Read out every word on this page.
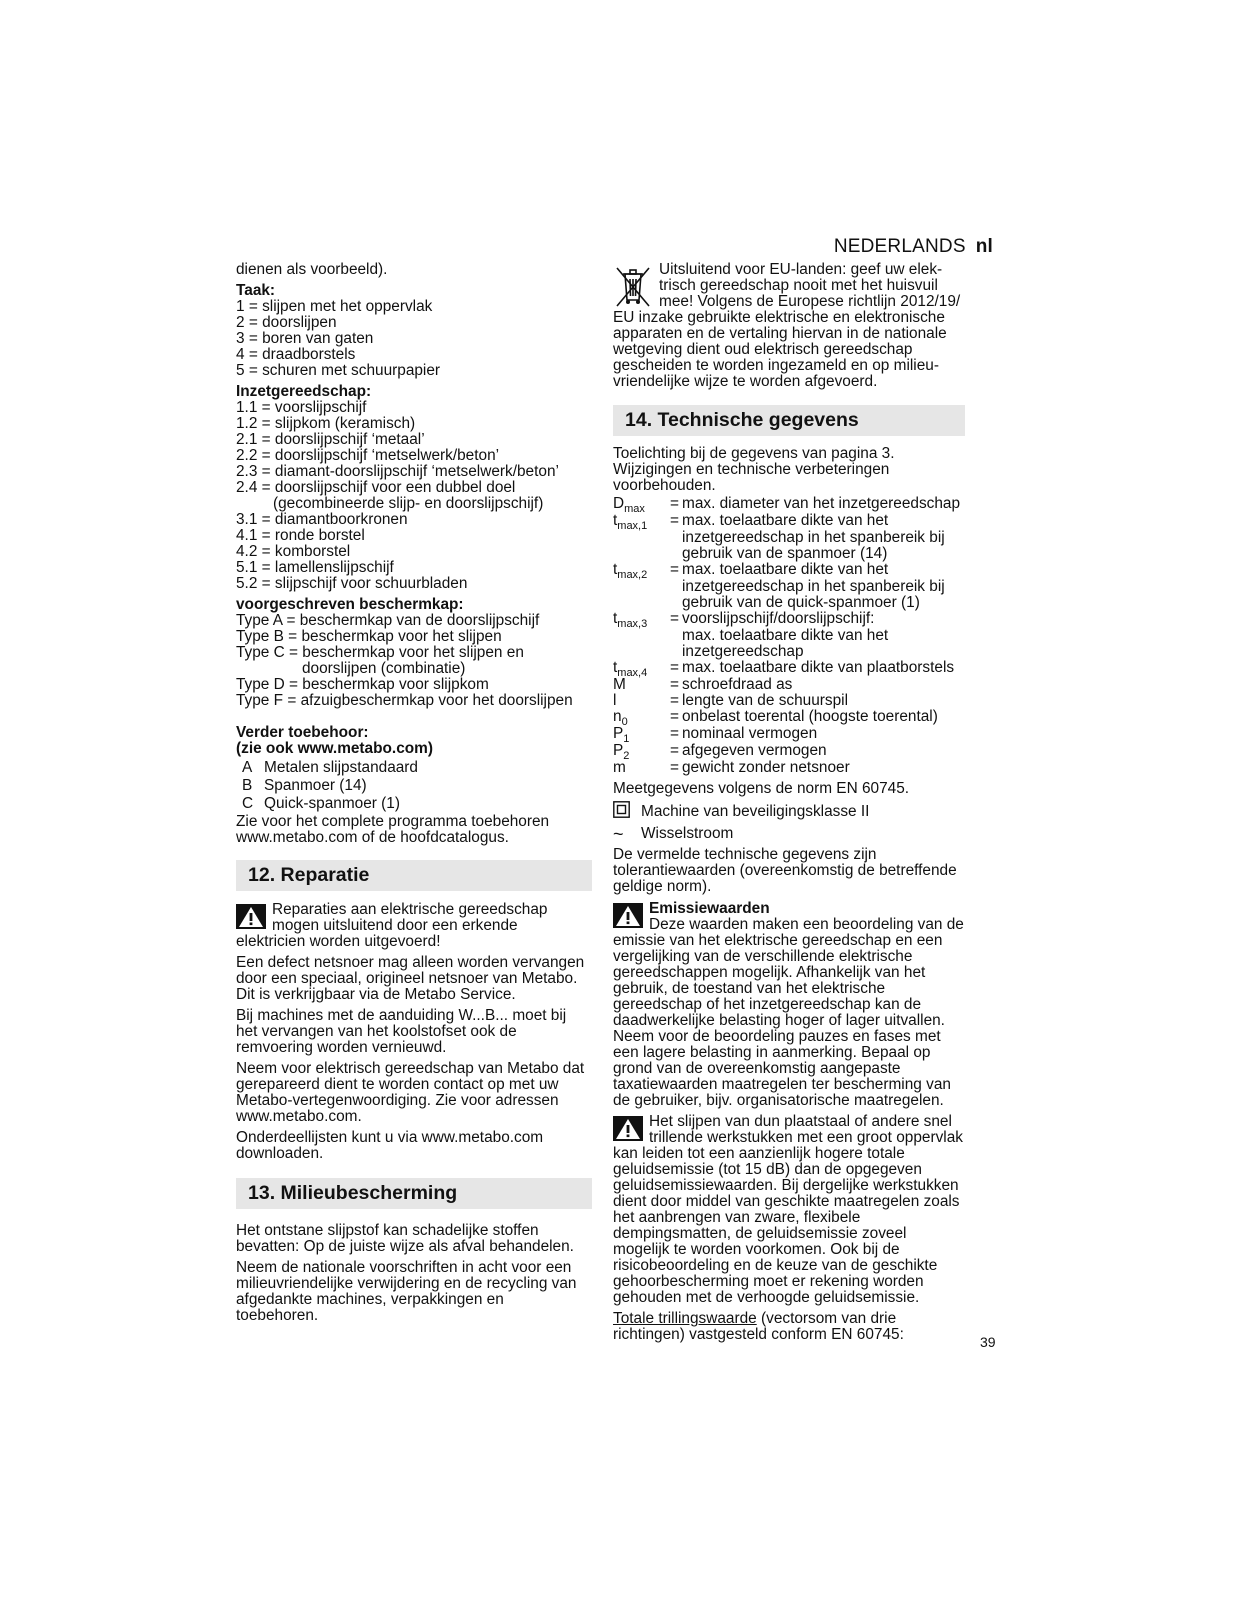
NEDERLANDS nl
dienen als voorbeeld).
Taak:
1 = slijpen met het oppervlak
2 = doorslijpen
3 = boren van gaten
4 = draadborstels
5 = schuren met schuurpapier
Inzetgereedschap:
1.1 = voorslijpschijf
1.2 = slijpkom (keramisch)
2.1 = doorslijpschijf ‘metaal’
2.2 = doorslijpschijf ‘metselwerk/beton’
2.3 = diamant-doorslijpschijf ‘metselwerk/beton’
2.4 = doorslijpschijf voor een dubbel doel
(gecombineerde slijp- en doorslijpschijf)
3.1 = diamantboorkronen
4.1 = ronde borstel
4.2 = komborstel
5.1 = lamellenslijpschijf
5.2 = slijpschijf voor schuurbladen
voorgeschreven beschermkap:
Type A = beschermkap van de doorslijpschijf
Type B = beschermkap voor het slijpen
Type C = beschermkap voor het slijpen en
doorslijpen (combinatie)
Type D = beschermkap voor slijpkom
Type F = afzuigbeschermkap voor het doorslijpen
Verder toebehoor:
(zie ook www.metabo.com)
A Metalen slijpstandaard
B Spanmoer (14)
C Quick-spanmoer (1)
Zie voor het complete programma toebehoren
www.metabo.com of de hoofdcatalogus.
12. Reparatie
Reparaties aan elektrische gereedschap
mogen uitsluitend door een erkende
elektricien worden uitgevoerd!
Een defect netsnoer mag alleen worden vervangen
door een speciaal, origineel netsnoer van Metabo.
Dit is verkrijgbaar via de Metabo Service.
Bij machines met de aanduiding W...B... moet bij
het vervangen van het koolstofset ook de
remvoering worden vernieuwd.
Neem voor elektrisch gereedschap van Metabo dat
gerepareerd dient te worden contact op met uw
Metabo-vertegenwoordiging. Zie voor adressen
www.metabo.com.
Onderdeellijsten kunt u via www.metabo.com
downloaden.
13. Milieubescherming
Het ontstane slijpstof kan schadelijke stoffen
bevatten: Op de juiste wijze als afval behandelen.
Neem de nationale voorschriften in acht voor een
milieuvriendelijke verwijdering en de recycling van
afgedankte machines, verpakkingen en
toebehoren.
Uitsluitend voor EU-landen: geef uw elek-
trisch gereedschap nooit met het huisvuil
mee! Volgens de Europese richtlijn 2012/19/
EU inzake gebruikte elektrische en elektronische
apparaten en de vertaling hiervan in de nationale
wetgeving dient oud elektrisch gereedschap
gescheiden te worden ingezameld en op milieu-
vriendelijke wijze te worden afgevoerd.
14. Technische gegevens
Toelichting bij de gegevens van pagina 3.
Wijzigingen en technische verbeteringen
voorbehouden.
$D_{max}$	= max. diameter van het inzetgereedschap
$t_{max,1}$	= max. toelaatbare dikte van het
inzetgereedschap in het spanbereik bij
gebruik van de spanmoer (14)
$t_{max,2}$	= max. toelaatbare dikte van het
inzetgereedschap in het spanbereik bij
gebruik van de quick-spanmoer (1)
$t_{max,3}$	= voorslijpschijf/doorslijpschijf:
max. toelaatbare dikte van het
inzetgereedschap
$t_{max,4}$	= max. toelaatbare dikte van plaatborstels
M	= schroefdraad as
l	= lengte van de schuurspil
$n_0$	= onbelast toerental (hoogste toerental)
$P_1$	= nominaal vermogen
$P_2$	= afgegeven vermogen
m	= gewicht zonder netsnoer
Meetgegevens volgens de norm EN 60745.
Machine van beveiligingsklasse II
~	Wisselstroom
De vermelde technische gegevens zijn
tolerantiewaarden (overeenkomstig de betreffende
geldige norm).
Emissiewaarden
Deze waarden maken een beoordeling van de
emissie van het elektrische gereedschap en een
vergelijking van de verschillende elektrische
gereedschappen mogelijk. Afhankelijk van het
gebruik, de toestand van het elektrische
gereedschap of het inzetgereedschap kan de
daadwerkelijke belasting hoger of lager uitvallen.
Neem voor de beoordeling pauzes en fases met
een lagere belasting in aanmerking. Bepaal op
grond van de overeenkomstig aangepaste
taxatiewaarden maatregelen ter bescherming van
de gebruiker, bijv. organisatorische maatregelen.
Het slijpen van dun plaatstaal of andere snel
trillende werkstukken met een groot oppervlak
kan leiden tot een aanzienlijk hogere totale
geluidsemissie (tot 15 dB) dan de opgegeven
geluidsemissiewaarden. Bij dergelijke werkstukken
dient door middel van geschikte maatregelen zoals
het aanbrengen van zware, flexibele
dempingsmatten, de geluidsemissie zoveel
mogelijk te worden voorkomen. Ook bij de
risicobeoordeling en de keuze van de geschikte
gehoorbescherming moet er rekening worden
gehouden met de verhoogde geluidsemissie.
Totale trillingswaarde (vectorsom van drie
richtingen) vastgesteld conform EN 60745:	39
